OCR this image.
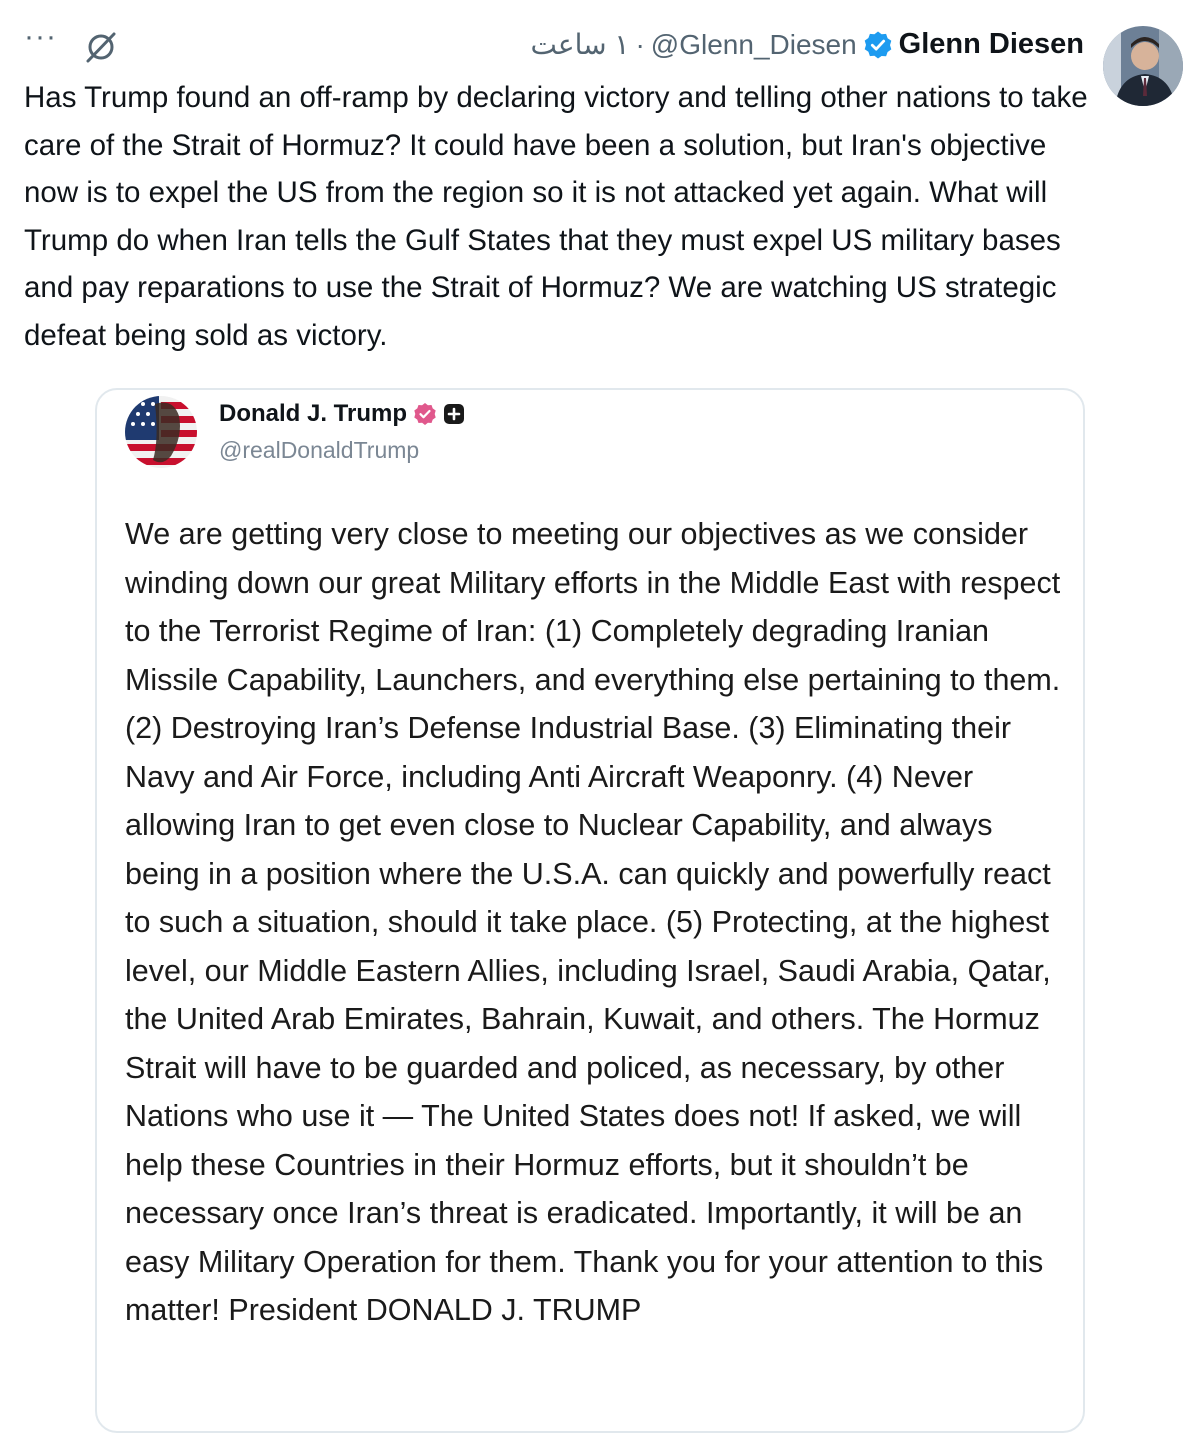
···	Glenn Diesen
@Glenn_Diesen
·
۱ ساعت
Has Trump found an off-ramp by declaring victory and telling other nations to take care of the Strait of Hormuz? It could have been a solution, but Iran's objective now is to expel the US from the region so it is not attacked yet again. What will Trump do when Iran tells the Gulf States that they must expel US military bases and pay reparations to use the Strait of Hormuz? We are watching US strategic defeat being sold as victory.
Donald J. Trump
@realDonaldTrump
We are getting very close to meeting our objectives as we consider winding down our great Military efforts in the Middle East with respect to the Terrorist Regime of Iran: (1) Completely degrading Iranian Missile Capability, Launchers, and everything else pertaining to them. (2) Destroying Iran’s Defense Industrial Base. (3) Eliminating their Navy and Air Force, including Anti Aircraft Weaponry. (4) Never allowing Iran to get even close to Nuclear Capability, and always being in a position where the U.S.A. can quickly and powerfully react to such a situation, should it take place. (5) Protecting, at the highest level, our Middle Eastern Allies, including Israel, Saudi Arabia, Qatar, the United Arab Emirates, Bahrain, Kuwait, and others. The Hormuz Strait will have to be guarded and policed, as necessary, by other Nations who use it — The United States does not! If asked, we will help these Countries in their Hormuz efforts, but it shouldn’t be necessary once Iran’s threat is eradicated. Importantly, it will be an easy Military Operation for them. Thank you for your attention to this matter! President DONALD J. TRUMP
